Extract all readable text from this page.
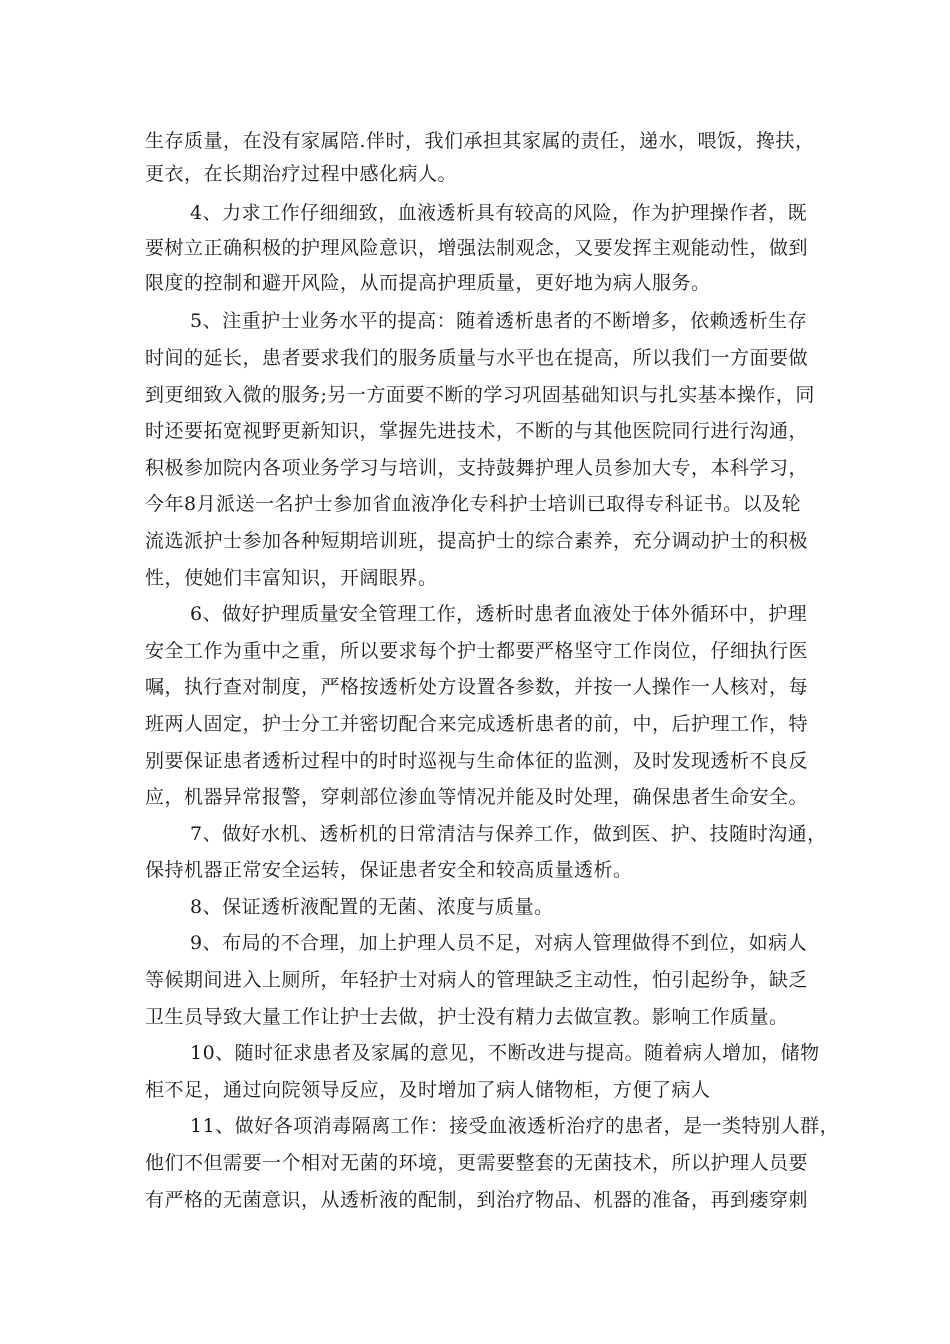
生存质量，在没有家属陪.伴时，我们承担其家属的责任，递水，喂饭，搀扶，
更衣，在长期治疗过程中感化病人。
4、力求工作仔细细致，血液透析具有较高的风险，作为护理操作者，既
要树立正确积极的护理风险意识，增强法制观念，又要发挥主观能动性，做到
限度的控制和避开风险，从而提高护理质量，更好地为病人服务。
5、注重护士业务水平的提高：随着透析患者的不断增多，依赖透析生存
时间的延长，患者要求我们的服务质量与水平也在提高，所以我们一方面要做
到更细致入微的服务;另一方面要不断的学习巩固基础知识与扎实基本操作，同
时还要拓宽视野更新知识，掌握先进技术，不断的与其他医院同行进行沟通，
积极参加院内各项业务学习与培训，支持鼓舞护理人员参加大专，本科学习，
今年8月派送一名护士参加省血液净化专科护士培训已取得专科证书。以及轮
流选派护士参加各种短期培训班，提高护士的综合素养，充分调动护士的积极
性，使她们丰富知识，开阔眼界。
6、做好护理质量安全管理工作，透析时患者血液处于体外循环中，护理
安全工作为重中之重，所以要求每个护士都要严格坚守工作岗位，仔细执行医
嘱，执行查对制度，严格按透析处方设置各参数，并按一人操作一人核对，每
班两人固定，护士分工并密切配合来完成透析患者的前，中，后护理工作，特
别要保证患者透析过程中的时时巡视与生命体征的监测，及时发现透析不良反
应，机器异常报警，穿刺部位渗血等情况并能及时处理，确保患者生命安全。
7、做好水机、透析机的日常清洁与保养工作，做到医、护、技随时沟通，
保持机器正常安全运转，保证患者安全和较高质量透析。
8、保证透析液配置的无菌、浓度与质量。
9、布局的不合理，加上护理人员不足，对病人管理做得不到位，如病人
等候期间进入上厕所，年轻护士对病人的管理缺乏主动性，怕引起纷争，缺乏
卫生员导致大量工作让护士去做，护士没有精力去做宣教。影响工作质量。
10、随时征求患者及家属的意见，不断改进与提高。随着病人增加，储物
柜不足，通过向院领导反应，及时增加了病人储物柜，方便了病人
11、做好各项消毒隔离工作：接受血液透析治疗的患者，是一类特别人群，
他们不但需要一个相对无菌的环境，更需要整套的无菌技术，所以护理人员要
有严格的无菌意识，从透析液的配制，到治疗物品、机器的准备，再到瘘穿刺
